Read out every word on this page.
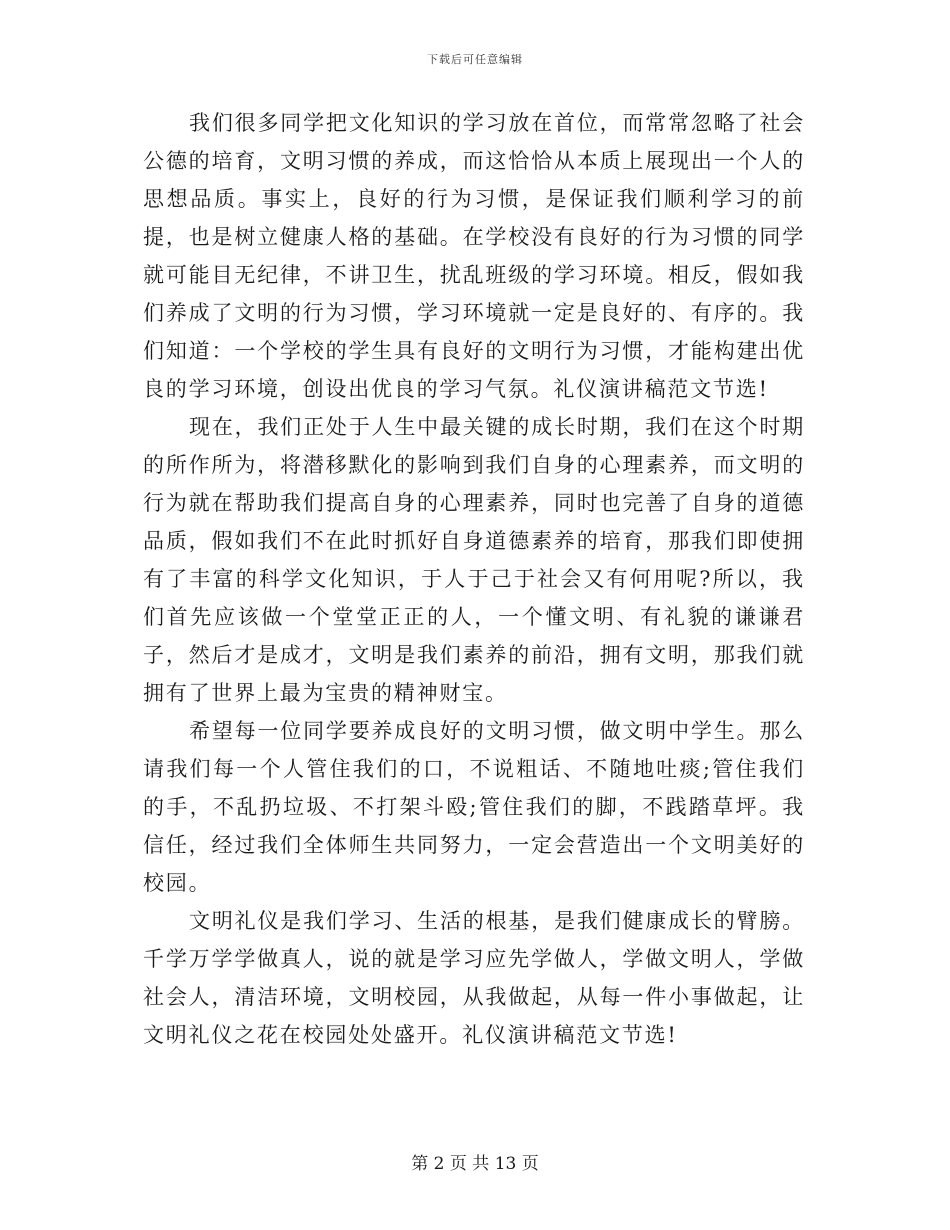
下载后可任意编辑

我们很多同学把文化知识的学习放在首位，而常常忽略了社会公德的培育，文明习惯的养成，而这恰恰从本质上展现出一个人的思想品质。事实上，良好的行为习惯，是保证我们顺利学习的前提，也是树立健康人格的基础。在学校没有良好的行为习惯的同学就可能目无纪律，不讲卫生，扰乱班级的学习环境。相反，假如我们养成了文明的行为习惯，学习环境就一定是良好的、有序的。我们知道：一个学校的学生具有良好的文明行为习惯，才能构建出优良的学习环境，创设出优良的学习气氛。礼仪演讲稿范文节选!

现在，我们正处于人生中最关键的成长时期，我们在这个时期的所作所为，将潜移默化的影响到我们自身的心理素养，而文明的行为就在帮助我们提高自身的心理素养，同时也完善了自身的道德品质，假如我们不在此时抓好自身道德素养的培育，那我们即使拥有了丰富的科学文化知识，于人于己于社会又有何用呢?所以，我们首先应该做一个堂堂正正的人，一个懂文明、有礼貌的谦谦君子，然后才是成才，文明是我们素养的前沿，拥有文明，那我们就拥有了世界上最为宝贵的精神财宝。

希望每一位同学要养成良好的文明习惯，做文明中学生。那么请我们每一个人管住我们的口，不说粗话、不随地吐痰;管住我们的手，不乱扔垃圾、不打架斗殴;管住我们的脚，不践踏草坪。我信任，经过我们全体师生共同努力，一定会营造出一个文明美好的校园。

文明礼仪是我们学习、生活的根基，是我们健康成长的臂膀。千学万学学做真人，说的就是学习应先学做人，学做文明人，学做社会人，清洁环境，文明校园，从我做起，从每一件小事做起，让文明礼仪之花在校园处处盛开。礼仪演讲稿范文节选!

第 2 页 共 13 页
